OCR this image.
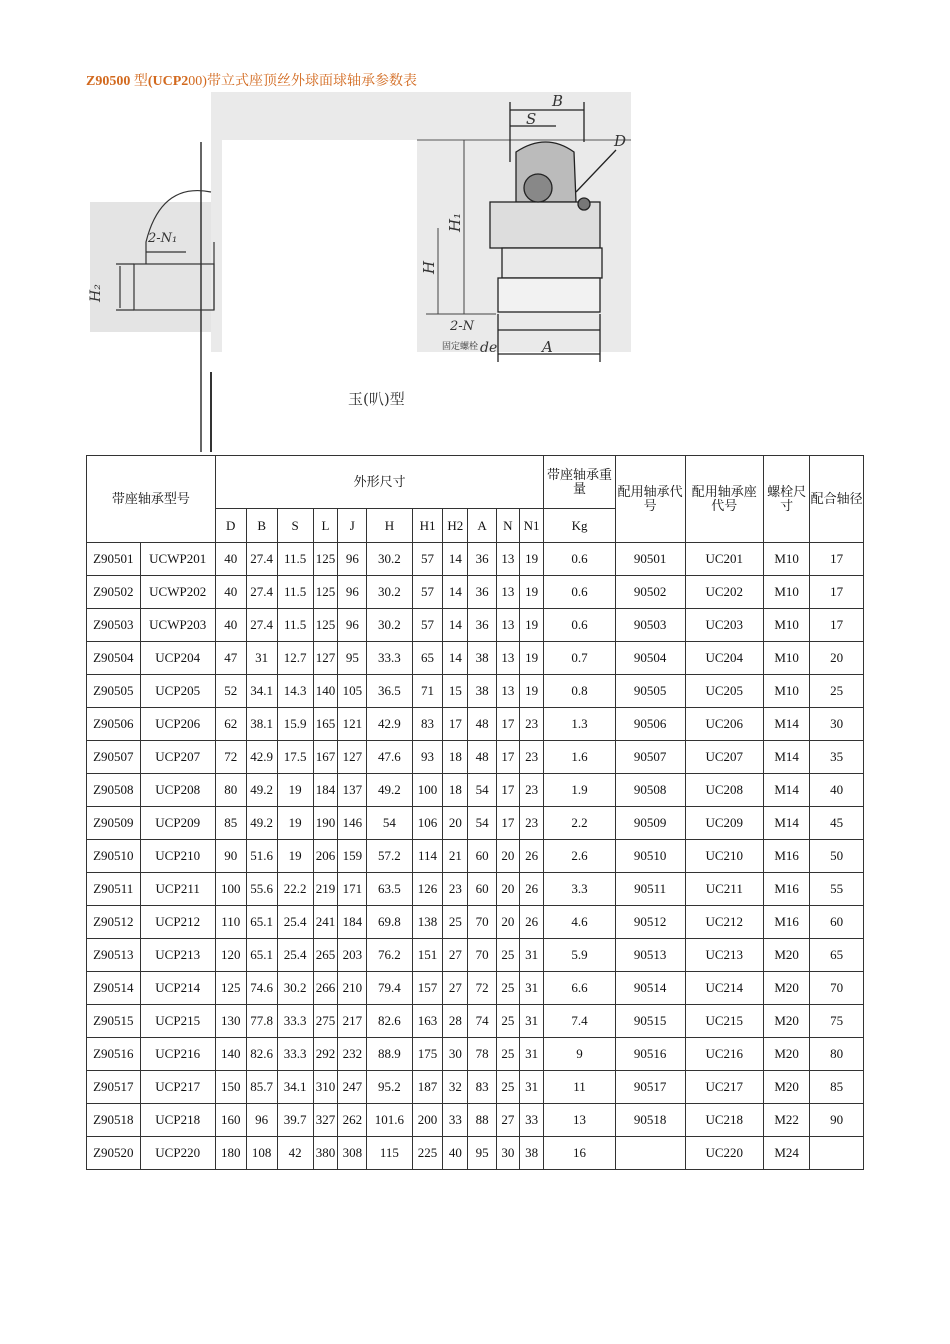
Z90500 型(UCP200)带立式座顶丝外球面球轴承参数表
H₂
2-N₁
H₁
H
B
S
D
2-N
固定螺栓 de	A
玉(叭)型
带座轴承型号		外形尺寸											带座轴承重量	配用轴承代号	配用轴承座代号	螺栓尺寸	配合轴径
		D	B	S	L	J	H	H1	H2	A	N	N1	Kg				
Z90501	UCWP201	40	27.4	11.5	125	96	30.2	57	14	36	13	19	0.6	90501	UC201	M10	17
Z90502	UCWP202	40	27.4	11.5	125	96	30.2	57	14	36	13	19	0.6	90502	UC202	M10	17
Z90503	UCWP203	40	27.4	11.5	125	96	30.2	57	14	36	13	19	0.6	90503	UC203	M10	17
Z90504	UCP204	47	31	12.7	127	95	33.3	65	14	38	13	19	0.7	90504	UC204	M10	20
Z90505	UCP205	52	34.1	14.3	140	105	36.5	71	15	38	13	19	0.8	90505	UC205	M10	25
Z90506	UCP206	62	38.1	15.9	165	121	42.9	83	17	48	17	23	1.3	90506	UC206	M14	30
Z90507	UCP207	72	42.9	17.5	167	127	47.6	93	18	48	17	23	1.6	90507	UC207	M14	35
Z90508	UCP208	80	49.2	19	184	137	49.2	100	18	54	17	23	1.9	90508	UC208	M14	40
Z90509	UCP209	85	49.2	19	190	146	54	106	20	54	17	23	2.2	90509	UC209	M14	45
Z90510	UCP210	90	51.6	19	206	159	57.2	114	21	60	20	26	2.6	90510	UC210	M16	50
Z90511	UCP211	100	55.6	22.2	219	171	63.5	126	23	60	20	26	3.3	90511	UC211	M16	55
Z90512	UCP212	110	65.1	25.4	241	184	69.8	138	25	70	20	26	4.6	90512	UC212	M16	60
Z90513	UCP213	120	65.1	25.4	265	203	76.2	151	27	70	25	31	5.9	90513	UC213	M20	65
Z90514	UCP214	125	74.6	30.2	266	210	79.4	157	27	72	25	31	6.6	90514	UC214	M20	70
Z90515	UCP215	130	77.8	33.3	275	217	82.6	163	28	74	25	31	7.4	90515	UC215	M20	75
Z90516	UCP216	140	82.6	33.3	292	232	88.9	175	30	78	25	31	9	90516	UC216	M20	80
Z90517	UCP217	150	85.7	34.1	310	247	95.2	187	32	83	25	31	11	90517	UC217	M20	85
Z90518	UCP218	160	96	39.7	327	262	101.6	200	33	88	27	33	13	90518	UC218	M22	90
Z90520	UCP220	180	108	42	380	308	115	225	40	95	30	38	16		UC220	M24	
